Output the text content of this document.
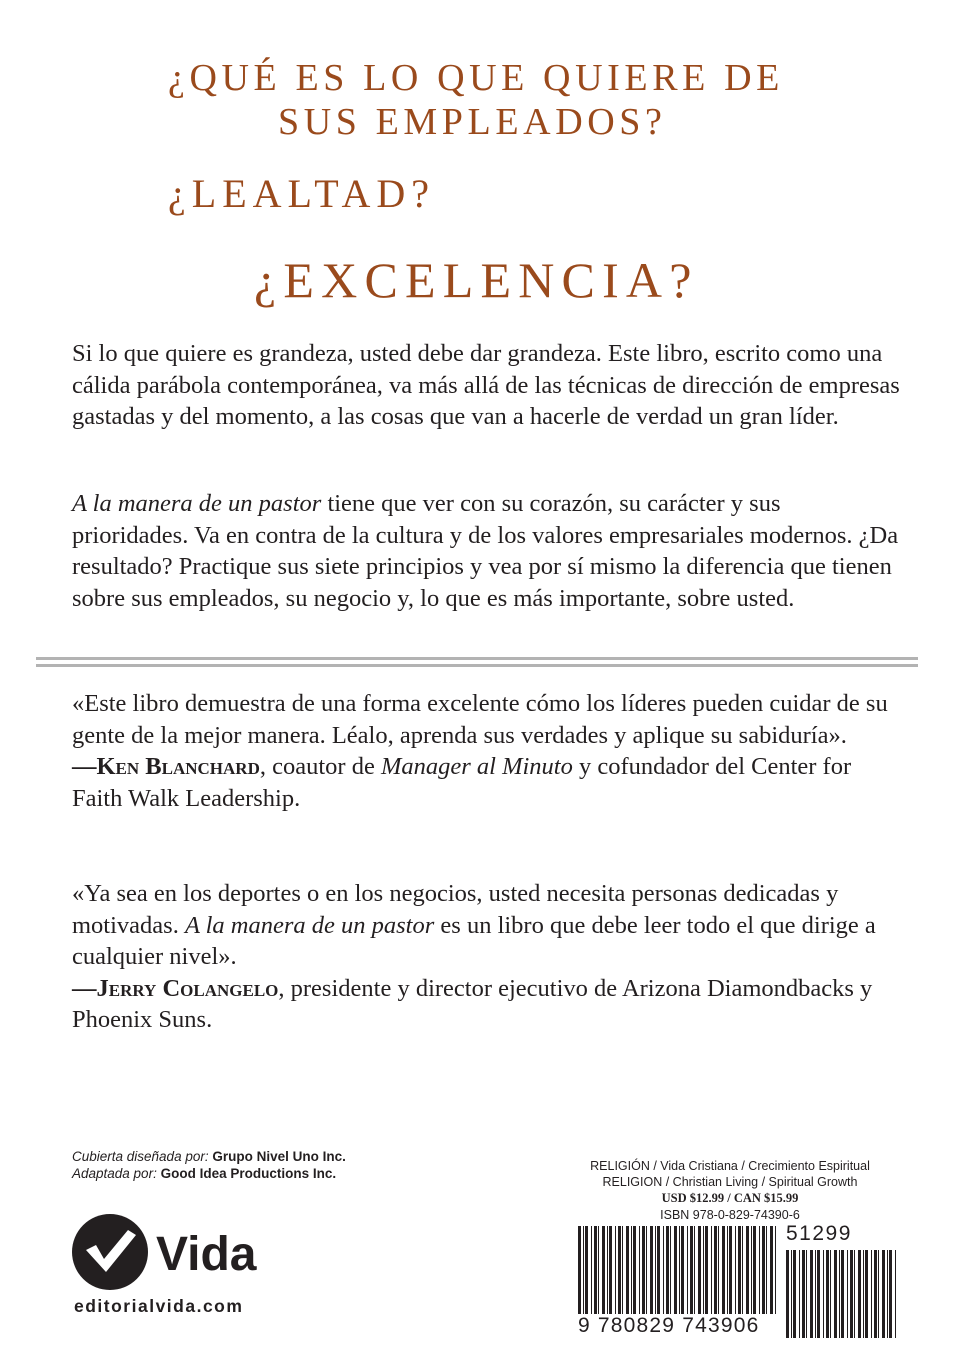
¿QUÉ ES LO QUE QUIERE DE
SUS EMPLEADOS?
¿LEALTAD?
¿EXCELENCIA?
Si lo que quiere es grandeza, usted debe dar grandeza. Este libro, escrito como una cálida parábola contemporánea, va más allá de las técnicas de dirección de empresas gastadas y del momento, a las cosas que van a hacerle de verdad un gran líder.
A la manera de un pastor tiene que ver con su corazón, su carácter y sus prioridades. Va en contra de la cultura y de los valores empresariales modernos. ¿Da resultado? Practique sus siete principios y vea por sí mismo la diferencia que tienen sobre sus empleados, su negocio y, lo que es más importante, sobre usted.
«Este libro demuestra de una forma excelente cómo los líderes pueden cuidar de su gente de la mejor manera. Léalo, aprenda sus verdades y aplique su sabiduría».
—Ken Blanchard, coautor de Manager al Minuto y cofundador del Center for Faith Walk Leadership.
«Ya sea en los deportes o en los negocios, usted necesita personas dedicadas y motivadas. A la manera de un pastor es un libro que debe leer todo el que dirige a cualquier nivel».
—Jerry Colangelo, presidente y director ejecutivo de Arizona Diamondbacks y Phoenix Suns.
Cubierta diseñada por: Grupo Nivel Uno Inc.
Adaptada por: Good Idea Productions Inc.
Vida
editorialvida.com
RELIGIÓN / Vida Cristiana / Crecimiento Espiritual
RELIGION / Christian Living / Spiritual Growth
USD $12.99 / CAN $15.99
ISBN 978-0-829-74390-6
51299
9 780829 743906
